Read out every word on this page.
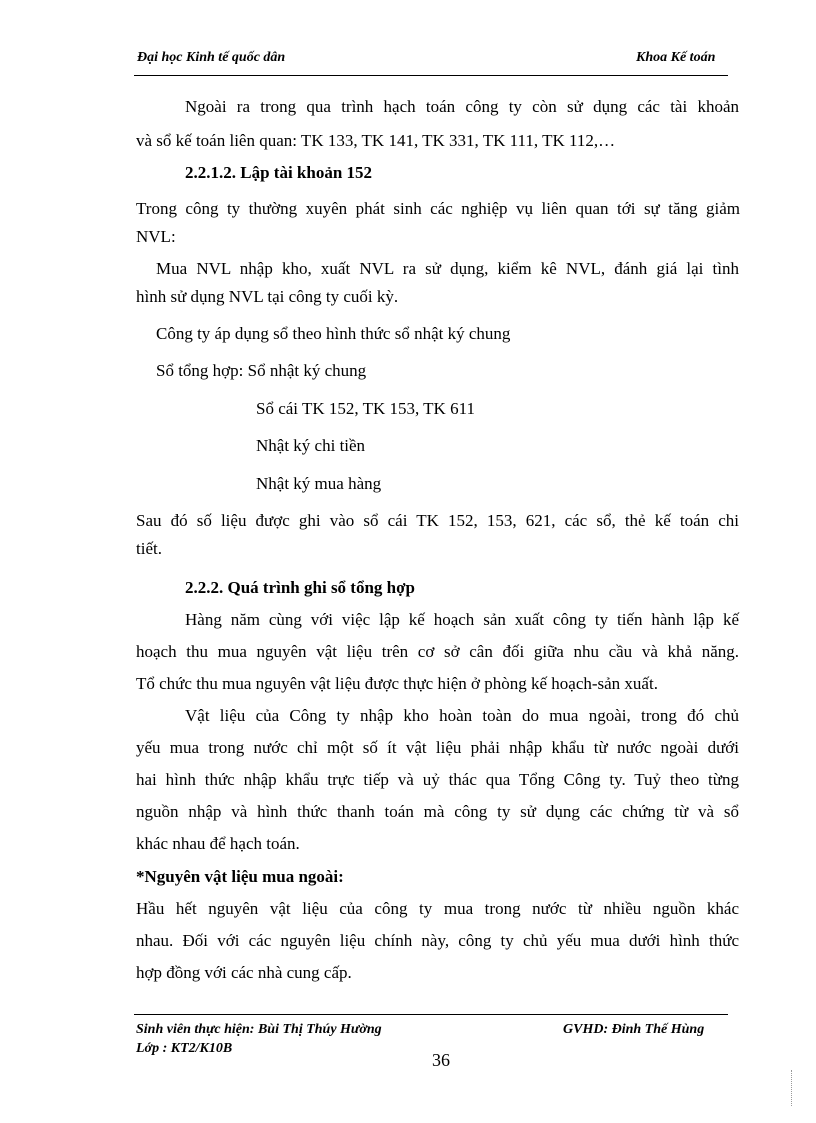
Đại học Kinh tế quốc dân	Khoa Kế toán
Ngoài ra trong qua trình hạch toán công ty còn sử dụng các tài khoản
và sổ kế toán liên quan: TK 133, TK 141, TK 331, TK 111, TK 112,…
2.2.1.2. Lập tài khoản 152
Trong công ty thường xuyên phát sinh các nghiệp vụ liên quan tới sự tăng giảm
NVL:
Mua NVL nhập kho, xuất NVL ra sử dụng, kiểm kê NVL, đánh giá lại tình
hình sử dụng NVL tại công ty cuối kỳ.
Công ty áp dụng sổ theo hình thức sổ nhật ký chung
Sổ tổng hợp: Sổ nhật ký chung
Sổ cái TK 152, TK 153, TK 611
Nhật ký chi tiền
Nhật ký mua hàng
Sau đó số liệu được ghi vào sổ cái TK 152, 153, 621, các sổ, thẻ kế toán chi
tiết.
2.2.2. Quá trình ghi sổ tổng hợp
Hàng năm cùng với việc lập kế hoạch sản xuất công ty tiến hành lập kế
hoạch thu mua nguyên vật liệu trên cơ sở cân đối giữa nhu cầu và khả năng.
Tổ chức thu mua nguyên vật liệu được thực hiện ở phòng kế hoạch-sản xuất.
Vật liệu của Công ty nhập kho hoàn toàn do mua ngoài, trong đó chủ
yếu mua trong nước chỉ một số ít vật liệu phải nhập khẩu từ nước ngoài dưới
hai hình thức nhập khẩu trực tiếp và uỷ thác qua Tổng Công ty. Tuỷ theo từng
nguồn nhập và hình thức thanh toán mà công ty sử dụng các chứng từ và sổ
khác nhau để hạch toán.
*Nguyên vật liệu mua ngoài:
Hầu hết nguyên vật liệu của công ty mua trong nước từ nhiều nguồn khác
nhau. Đối với các nguyên liệu chính này, công ty chủ yếu mua dưới hình thức
hợp đồng với các nhà cung cấp.
Sinh viên thực hiện: Bùi Thị Thúy Hường
Lớp : KT2/K10B
GVHD: Đinh Thế Hùng
36
